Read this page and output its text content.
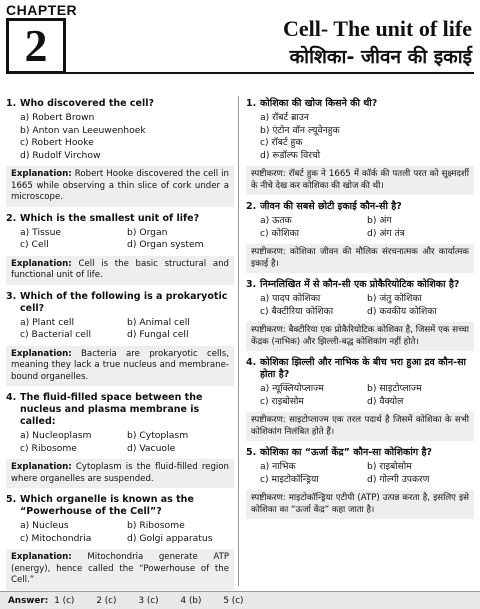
CHAPTER
2	Cell- The unit of life
कोशिका- जीवन की इकाई
1. Who discovered the cell?
a) Robert Brown
b) Anton van Leeuwenhoek
c) Robert Hooke
d) Rudolf Virchow
Explanation: Robert Hooke discovered the cell in 1665 while observing a thin slice of cork under a microscope.
2. Which is the smallest unit of life?
a) Tissue	b) Organ
c) Cell	d) Organ system
Explanation: Cell is the basic structural and functional unit of life.
3. Which of the following is a prokaryotic cell?
a) Plant cell	b) Animal cell
c) Bacterial cell	d) Fungal cell
Explanation: Bacteria are prokaryotic cells, meaning they lack a true nucleus and membrane-bound organelles.
4. The fluid-filled space between the nucleus and plasma membrane is called:
a) Nucleoplasm	b) Cytoplasm
c) Ribosome	d) Vacuole
Explanation: Cytoplasm is the fluid-filled region where organelles are suspended.
5. Which organelle is known as the “Powerhouse of the Cell”?
a) Nucleus	b) Ribosome
c) Mitochondria	d) Golgi apparatus
Explanation: Mitochondria generate ATP (energy), hence called the “Powerhouse of the Cell.”
1. कोशिका की खोज किसने की थी?
a) रॉबर्ट ब्राउन
b) एंटोन वॉन ल्यूवेनहुक
c) रॉबर्ट हुक
d) रूडॉल्फ विरचो
स्पष्टीकरण: रॉबर्ट हुक ने 1665 में कॉर्क की पतली परत को सूक्ष्मदर्शी के नीचे देख कर कोशिका की खोज की थी।
2. जीवन की सबसे छोटी इकाई कौन-सी है?
a) ऊतक	b) अंग
c) कोशिका	d) अंग तंत्र
स्पष्टीकरण: कोशिका जीवन की मौलिक संरचनात्मक और कार्यात्मक इकाई है।
3. निम्नलिखित में से कौन-सी एक प्रोकैरियोटिक कोशिका है?
a) पादप कोशिका	b) जंतु कोशिका
c) बैक्टीरिया कोशिका	d) कवकीय कोशिका
स्पष्टीकरण: बैक्टीरिया एक प्रोकैरियोटिक कोशिका है, जिसमें एक सच्चा केंद्रक (नाभिक) और झिल्ली-बद्ध कोशिकांग नहीं होते।
4. कोशिका झिल्ली और नाभिक के बीच भरा हुआ द्रव कौन-सा होता है?
a) न्यूक्लियोप्लाज्म	b) साइटोप्लाज्म
c) राइबोसोम	d) वैक्योल
स्पष्टीकरण: साइटोप्लाज्म एक तरल पदार्थ है जिसमें कोशिका के सभी कोशिकांग निलंबित होते हैं।
5. कोशिका का “ऊर्जा केंद्र” कौन-सा कोशिकांग है?
a) नाभिक	b) राइबोसोम
c) माइटोकॉन्ड्रिया	d) गोल्गी उपकरण
स्पष्टीकरण: माइटोकॉन्ड्रिया एटीपी (ATP) उत्पन्न करता है, इसलिए इसे कोशिका का “ऊर्जा केंद्र” कहा जाता है।
Answer: 1 (c)	2 (c)	3 (c)	4 (b)	5 (c)
